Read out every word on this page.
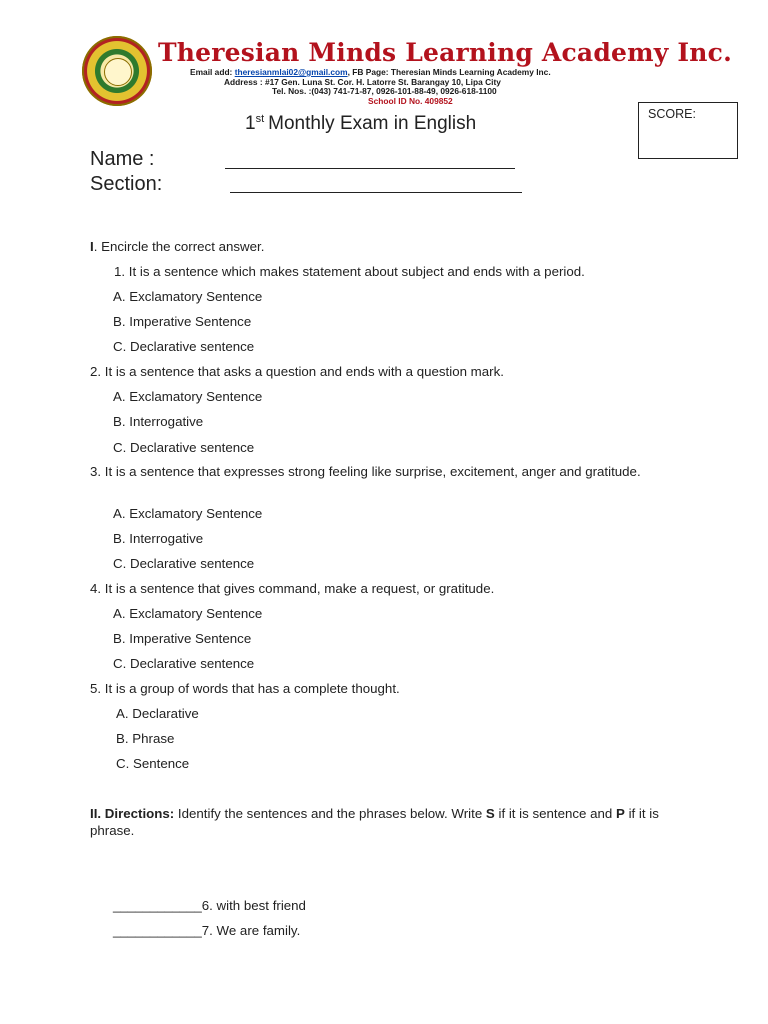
Theresian Minds Learning Academy Inc.
Email add: theresianmlai02@gmail.com, FB Page: Theresian Minds Learning Academy Inc.
Address : #17 Gen. Luna St. Cor. H. Latorre St. Barangay 10, Lipa City
Tel. Nos. :(043) 741-71-87, 0926-101-88-49, 0926-618-1100
School ID No. 409852
1st Monthly Exam in English	SCORE:
Name :
Section:
I. Encircle the correct answer.
1. It is a sentence which makes statement about subject and ends with a period.
A. Exclamatory Sentence
B. Imperative Sentence
C. Declarative sentence
2. It is a sentence that asks a question and ends with a question mark.
A. Exclamatory Sentence
B. Interrogative
C. Declarative sentence
3. It is a sentence that expresses strong feeling like surprise, excitement, anger and gratitude.
A. Exclamatory Sentence
B. Interrogative
C. Declarative sentence
4. It is a sentence that gives command, make a request, or gratitude.
A. Exclamatory Sentence
B. Imperative Sentence
C. Declarative sentence
5. It is a group of words that has a complete thought.
A. Declarative
B. Phrase
C. Sentence
II. Directions: Identify the sentences and the phrases below. Write S if it is sentence and P if it is phrase.
____________6. with best friend
____________7. We are family.
